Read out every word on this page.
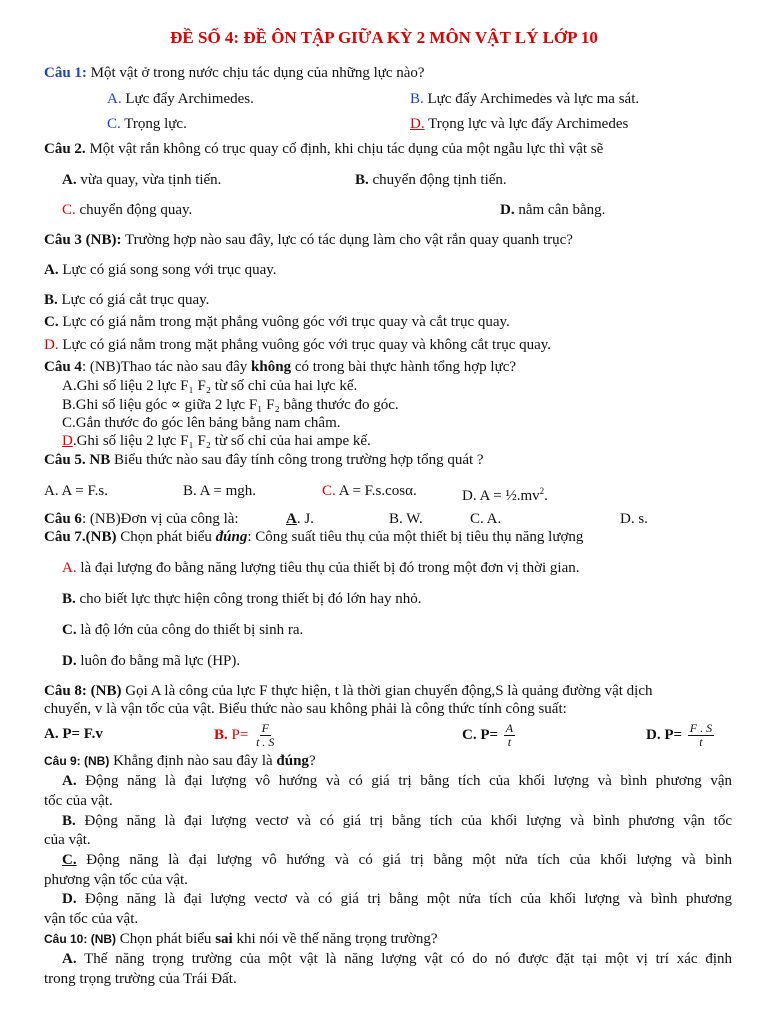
ĐỀ SỐ 4: ĐỀ ÔN TẬP GIỮA KỲ 2 MÔN VẬT LÝ LỚP 10
Câu 1: Một vật ở trong nước chịu tác dụng của những lực nào?
A. Lực đẩy Archimedes.	B. Lực đẩy Archimedes và lực ma sát.
C. Trọng lực.	D. Trọng lực và lực đẩy Archimedes
Câu 2. Một vật rắn không có trục quay cố định, khi chịu tác dụng của một ngẫu lực thì vật sẽ
A. vừa quay, vừa tịnh tiến.	B. chuyển động tịnh tiến.
C. chuyển động quay.	D. nằm cân bằng.
Câu 3 (NB): Trường hợp nào sau đây, lực có tác dụng làm cho vật rắn quay quanh trục?
A. Lực có giá song song với trục quay.
B. Lực có giá cắt trục quay.
C. Lực có giá nằm trong mặt phẳng vuông góc với trục quay và cắt trục quay.
D. Lực có giá nằm trong mặt phẳng vuông góc với trục quay và không cắt trục quay.
Câu 4: (NB)Thao tác nào sau đây không có trong bài thực hành tổng hợp lực?
A.Ghi số liệu 2 lực F₁ F₂ từ số chỉ của hai lực kế.
B.Ghi số liệu góc ∝ giữa 2 lực F₁ F₂ bằng thước đo góc.
C.Gắn thước đo góc lên bảng bằng nam châm.
D.Ghi số liệu 2 lực F₁ F₂ từ số chỉ của hai ampe kế.
Câu 5. NB Biểu thức nào sau đây tính công trong trường hợp tổng quát ?
A. A = F.s.	B. A = mgh.	C. A = F.s.cosα.	D. $A = \frac{1}{2}.mv^2$.
Câu 6: (NB)Đơn vị của công là:	A. J.	B. W.	C. A.	D. s.
Câu 7.(NB) Chọn phát biểu đúng: Công suất tiêu thụ của một thiết bị tiêu thụ năng lượng
A. là đại lượng đo bằng năng lượng tiêu thụ của thiết bị đó trong một đơn vị thời gian.
B. cho biết lực thực hiện công trong thiết bị đó lớn hay nhỏ.
C. là độ lớn của công do thiết bị sinh ra.
D. luôn đo bằng mã lực (HP).
Câu 8: (NB) Gọi A là công của lực F thực hiện, t là thời gian chuyển động,S là quảng đường vật dịch
chuyển, v là vận tốc của vật. Biểu thức nào sau không phải là công thức tính công suất:
A. P= F.v	B. $P= \frac{F}{t . S}$	C. $P= \frac{A}{t}$	D. $P= \frac{F . S}{t}$
Câu 9: (NB) Khẳng định nào sau đây là đúng?
A. Động năng là đại lượng vô hướng và có giá trị bằng tích của khối lượng và bình phương vận
tốc của vật.
B. Động năng là đại lượng vectơ và có giá trị bằng tích của khối lượng và bình phương vận tốc
của vật.
C. Động năng là đại lượng vô hướng và có giá trị bằng một nửa tích của khối lượng và bình
phương vận tốc của vật.
D. Động năng là đại lượng vectơ và có giá trị bằng một nửa tích của khối lượng và bình phương
vận tốc của vật.
Câu 10: (NB) Chọn phát biểu sai khi nói về thế năng trọng trường?
A. Thế năng trọng trường của một vật là năng lượng vật có do nó được đặt tại một vị trí xác định
trong trọng trường của Trái Đất.
